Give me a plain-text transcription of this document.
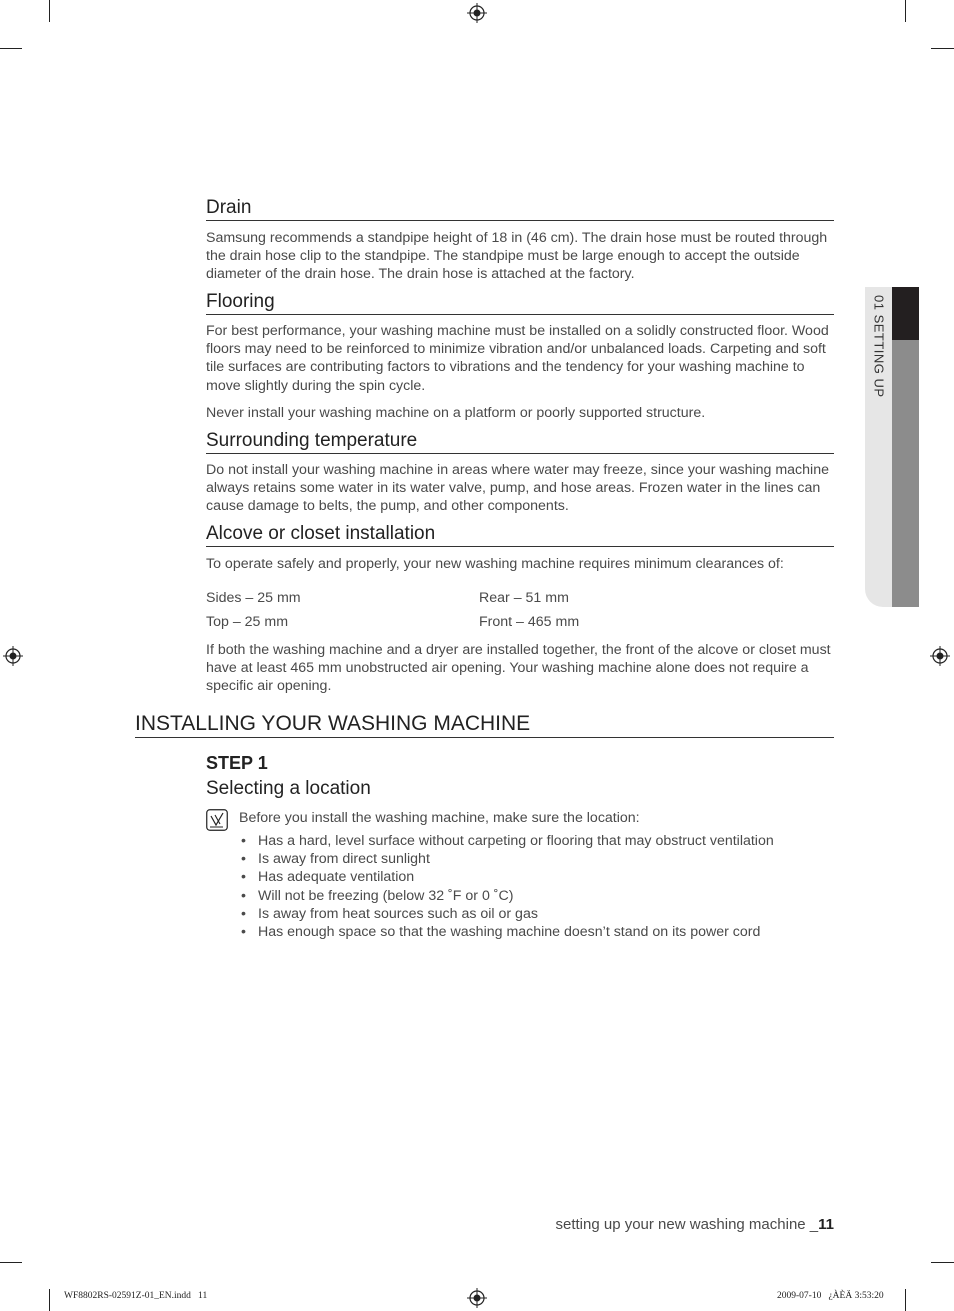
Drain
Samsung recommends a standpipe height of 18 in (46 cm). The drain hose must be routed through the drain hose clip to the standpipe. The standpipe must be large enough to accept the outside diameter of the drain hose. The drain hose is attached at the factory.
Flooring
For best performance, your washing machine must be installed on a solidly constructed floor. Wood floors may need to be reinforced to minimize vibration and/or unbalanced loads. Carpeting and soft tile surfaces are contributing factors to vibrations and the tendency for your washing machine to move slightly during the spin cycle.
Never install your washing machine on a platform or poorly supported structure.
Surrounding temperature
Do not install your washing machine in areas where water may freeze, since your washing machine always retains some water in its water valve, pump, and hose areas. Frozen water in the lines can cause damage to belts, the pump, and other components.
Alcove or closet installation
To operate safely and properly, your new washing machine requires minimum clearances of:
Sides – 25 mm	Rear – 51 mm
Top – 25 mm	Front – 465 mm
If both the washing machine and a dryer are installed together, the front of the alcove or closet must have at least 465 mm unobstructed air opening. Your washing machine alone does not require a specific air opening.
INSTALLING YOUR WASHING MACHINE
STEP 1
Selecting a location
Before you install the washing machine, make sure the location:
• Has a hard, level surface without carpeting or flooring that may obstruct ventilation
• Is away from direct sunlight
• Has adequate ventilation
• Will not be freezing (below 32 ˚F or 0 ˚C)
• Is away from heat sources such as oil or gas
• Has enough space so that the washing machine doesn’t stand on its power cord
01 SETTING UP
setting up your new washing machine _11
WF8802RS-02591Z-01_EN.indd   11	2009-07-10   ¿ÀÈÄ 3:53:20
